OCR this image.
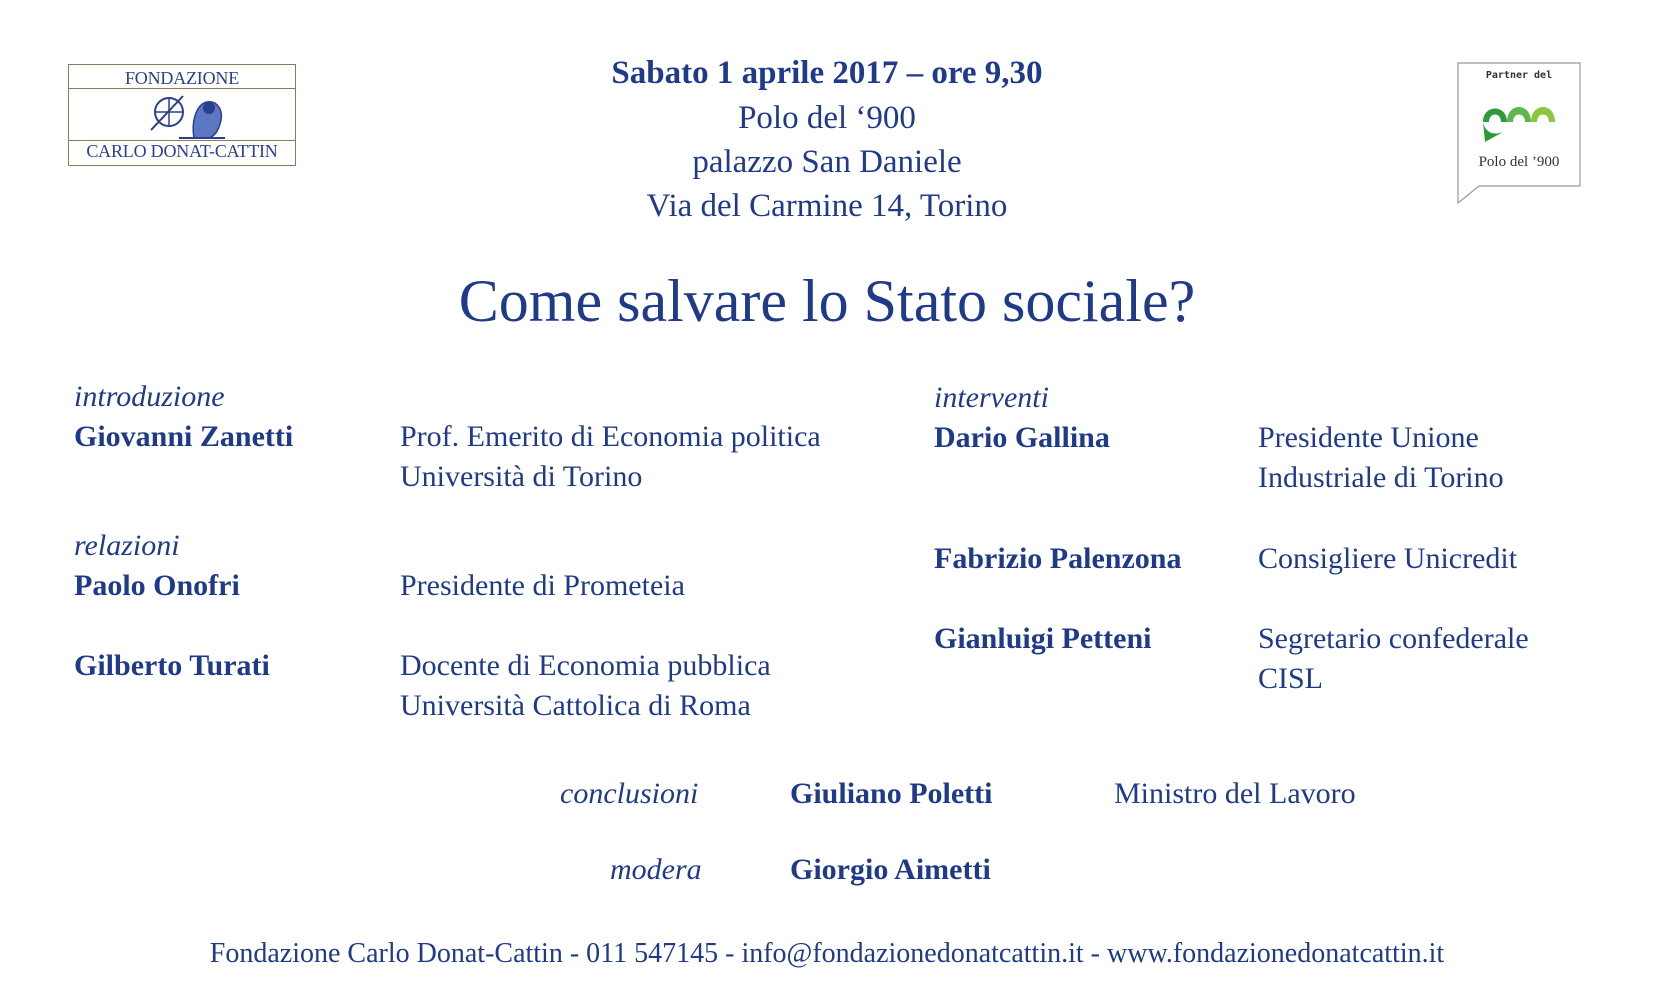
FONDAZIONE
CARLO DONAT-CATTIN
Partner del
Polo del ’900
Sabato 1 aprile 2017 – ore 9,30
Polo del ‘900
palazzo San Daniele
Via del Carmine 14, Torino
Come salvare lo Stato sociale?
introduzione
Giovanni Zanetti	Prof. Emerito di Economia politica
Università di Torino
relazioni
Paolo Onofri	Presidente di Prometeia
Gilberto Turati	Docente di Economia pubblica
Università Cattolica di Roma
interventi
Dario Gallina	Presidente Unione
Industriale di Torino
Fabrizio Palenzona	Consigliere Unicredit
Gianluigi Petteni	Segretario confederale
CISL
conclusioni	Giuliano Poletti	Ministro del Lavoro
modera	Giorgio Aimetti
Fondazione Carlo Donat-Cattin - 011 547145 - info@fondazionedonatcattin.it - www.fondazionedonatcattin.it
